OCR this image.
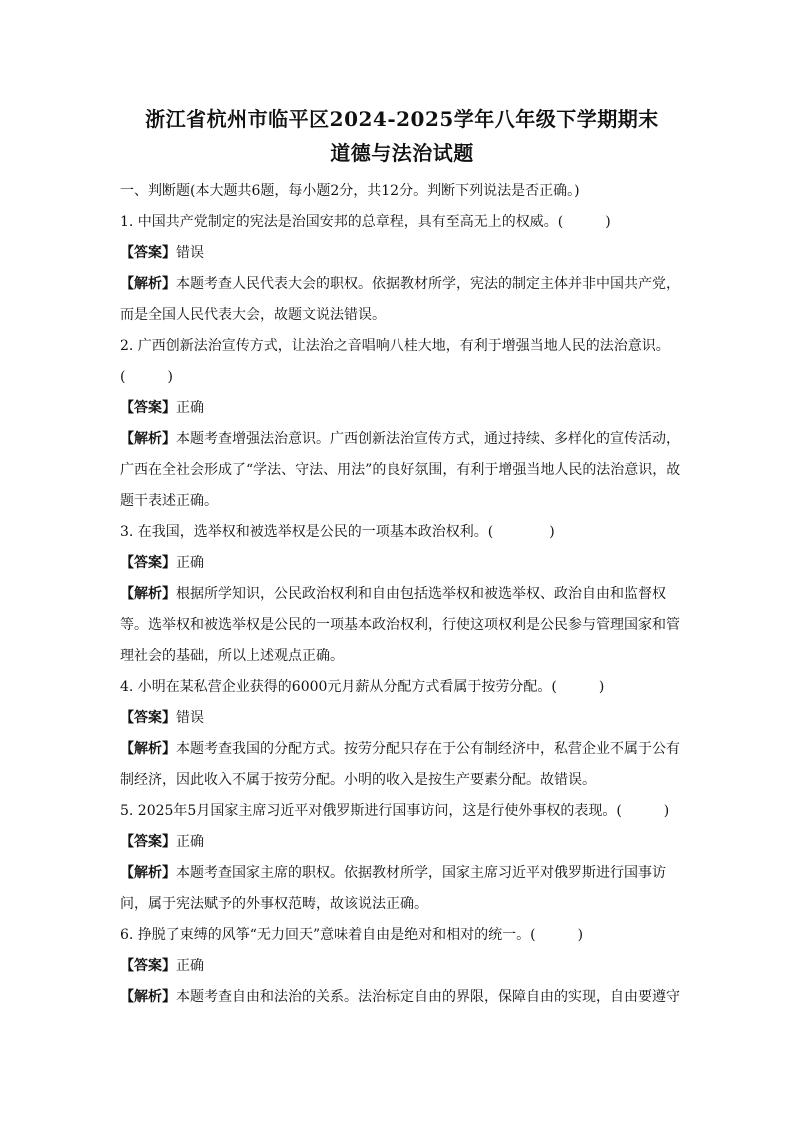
浙江省杭州市临平区2024-2025学年八年级下学期期末
道德与法治试题
一、判断题(本大题共6题，每小题2分，共12分。判断下列说法是否正确。)
1. 中国共产党制定的宪法是治国安邦的总章程，具有至高无上的权威。(　　　)
【答案】错误
【解析】本题考查人民代表大会的职权。依据教材所学，宪法的制定主体并非中国共产党，而是全国人民代表大会，故题文说法错误。
2. 广西创新法治宣传方式，让法治之音唱响八桂大地，有利于增强当地人民的法治意识。
(　　　)
【答案】正确
【解析】本题考查增强法治意识。广西创新法治宣传方式，通过持续、多样化的宣传活动，广西在全社会形成了“学法、守法、用法”的良好氛围，有利于增强当地人民的法治意识，故题干表述正确。
3. 在我国，选举权和被选举权是公民的一项基本政治权利。(　　　　)
【答案】正确
【解析】根据所学知识，公民政治权利和自由包括选举权和被选举权、政治自由和监督权等。选举权和被选举权是公民的一项基本政治权利，行使这项权利是公民参与管理国家和管理社会的基础，所以上述观点正确。
4. 小明在某私营企业获得的6000元月薪从分配方式看属于按劳分配。(　　　)
【答案】错误
【解析】本题考查我国的分配方式。按劳分配只存在于公有制经济中，私营企业不属于公有制经济，因此收入不属于按劳分配。小明的收入是按生产要素分配。故错误。
5. 2025年5月国家主席习近平对俄罗斯进行国事访问，这是行使外事权的表现。(　　　)
【答案】正确
【解析】本题考查国家主席的职权。依据教材所学，国家主席习近平对俄罗斯进行国事访问，属于宪法赋予的外事权范畴，故该说法正确。
6. 挣脱了束缚的风筝“无力回天”意味着自由是绝对和相对的统一。(　　　)
【答案】正确
【解析】本题考查自由和法治的关系。法治标定自由的界限，保障自由的实现，自由要遵守
